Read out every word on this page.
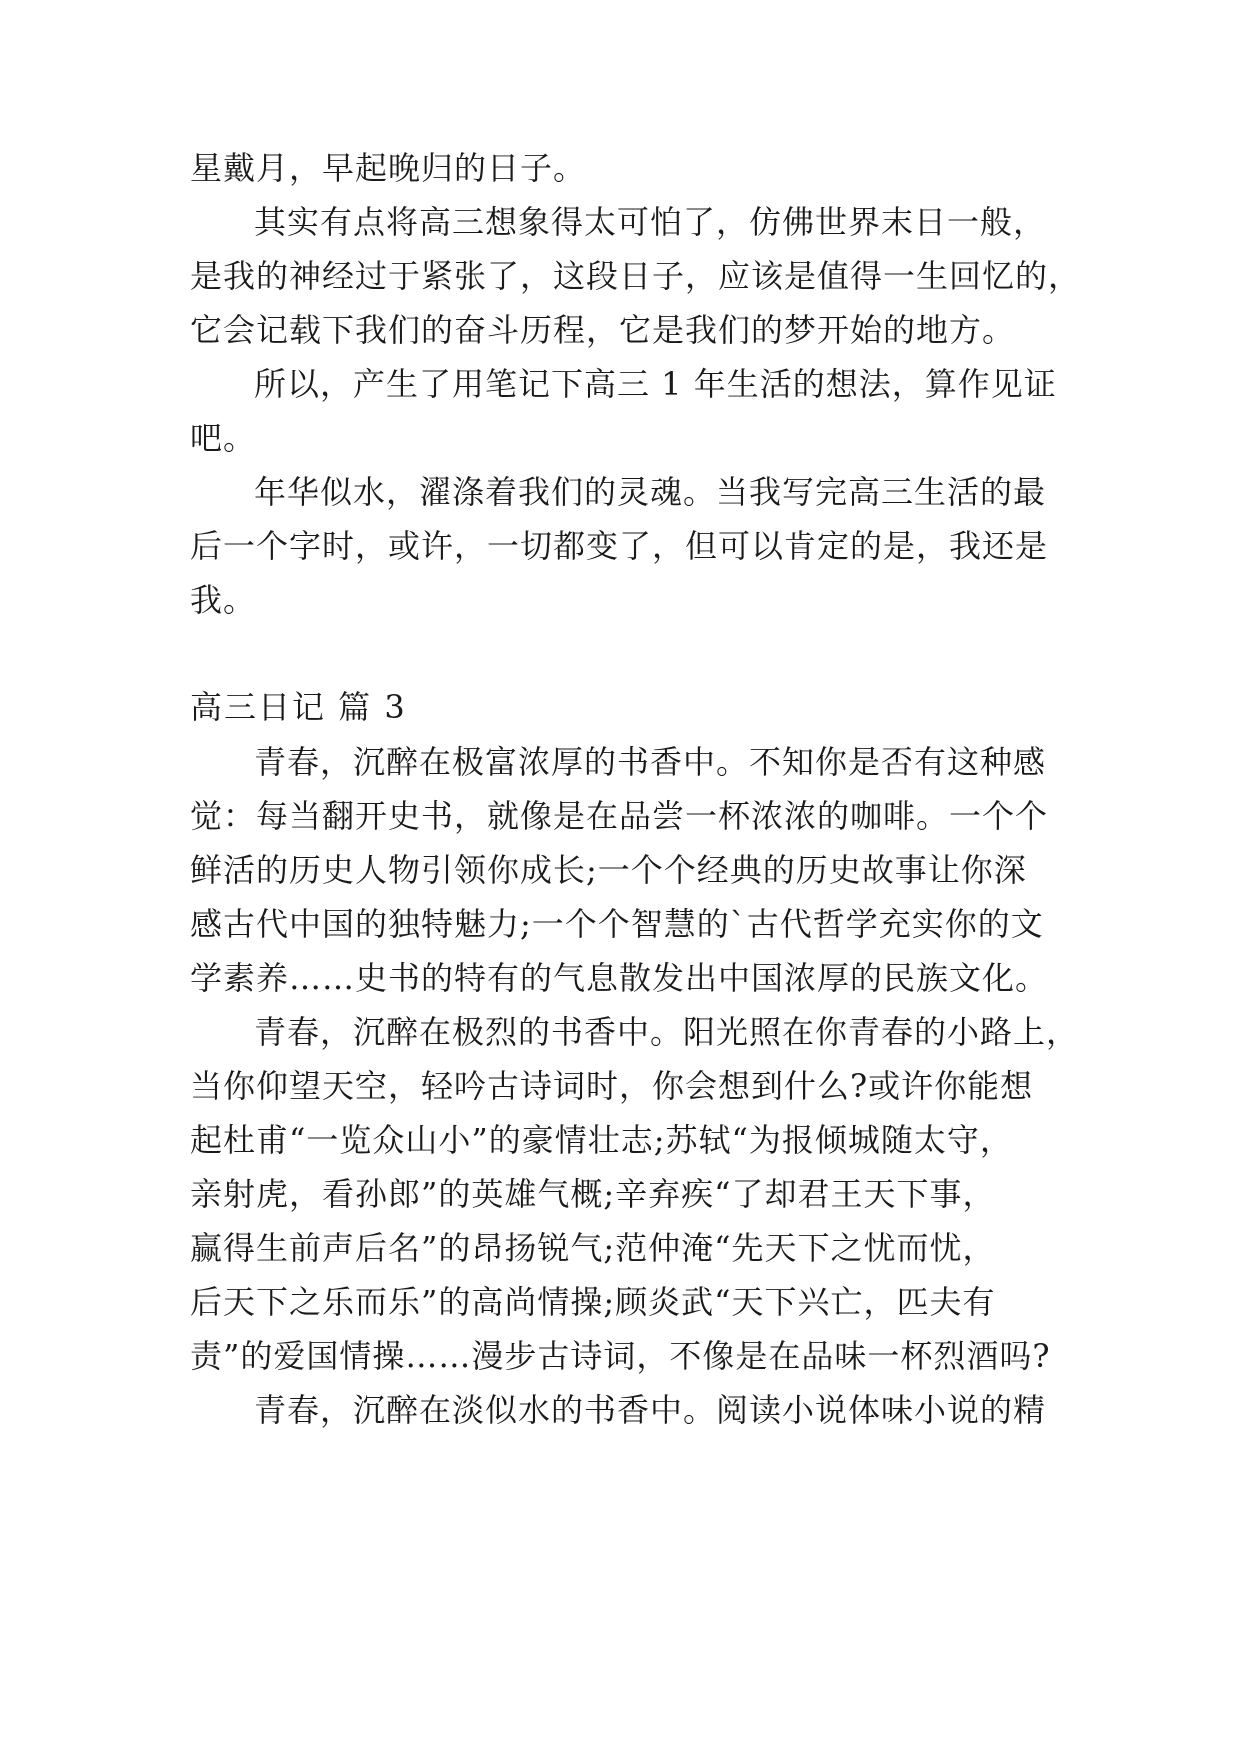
星戴月，早起晚归的日子。

其实有点将高三想象得太可怕了，仿佛世界末日一般，

是我的神经过于紧张了，这段日子，应该是值得一生回忆的，

它会记载下我们的奋斗历程，它是我们的梦开始的地方。

所以，产生了用笔记下高三 1 年生活的想法，算作见证

吧。

年华似水，濯涤着我们的灵魂。当我写完高三生活的最

后一个字时，或许，一切都变了，但可以肯定的是，我还是

我。

高三日记 篇 3

青春，沉醉在极富浓厚的书香中。不知你是否有这种感

觉：每当翻开史书，就像是在品尝一杯浓浓的咖啡。一个个

鲜活的历史人物引领你成长;一个个经典的历史故事让你深

感古代中国的独特魅力;一个个智慧的`古代哲学充实你的文

学素养……史书的特有的气息散发出中国浓厚的民族文化。

青春，沉醉在极烈的书香中。阳光照在你青春的小路上，

当你仰望天空，轻吟古诗词时，你会想到什么?或许你能想

起杜甫“一览众山小”的豪情壮志;苏轼“为报倾城随太守，

亲射虎，看孙郎”的英雄气概;辛弃疾“了却君王天下事，

赢得生前声后名”的昂扬锐气;范仲淹“先天下之忧而忧，

后天下之乐而乐”的高尚情操;顾炎武“天下兴亡，匹夫有

责”的爱国情操……漫步古诗词，不像是在品味一杯烈酒吗?

青春，沉醉在淡似水的书香中。阅读小说体味小说的精
